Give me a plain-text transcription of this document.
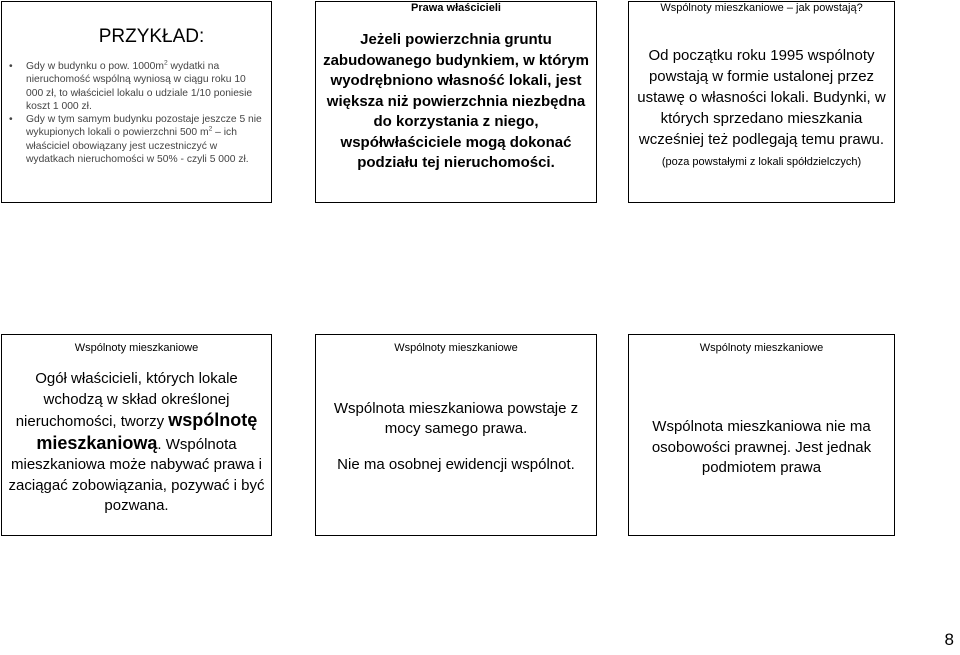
PRZYKŁAD:
• Gdy w budynku o pow. $1000m^2$ wydatki na nieruchomość wspólną wyniosą w ciągu roku 10 000 zł, to właściciel lokalu o udziale 1/10 poniesie koszt 1 000 zł.
• Gdy w tym samym budynku pozostaje jeszcze 5 nie wykupionych lokali o powierzchni 500 $m^2$ – ich właściciel obowiązany jest uczestniczyć w wydatkach nieruchomości w 50% - czyli 5 000 zł.
Prawa właścicieli
Jeżeli powierzchnia gruntu zabudowanego budynkiem, w którym wyodrębniono własność lokali, jest większa niż powierzchnia niezbędna do korzystania z niego, współwłaściciele mogą dokonać podziału tej nieruchomości.
Wspólnoty mieszkaniowe – jak powstają?
Od początku roku 1995 wspólnoty powstają w formie ustalonej przez ustawę o własności lokali. Budynki, w których sprzedano mieszkania wcześniej też podlegają temu prawu.
(poza powstałymi z lokali spółdzielczych)
Wspólnoty mieszkaniowe
Ogół właścicieli, których lokale wchodzą w skład określonej nieruchomości, tworzy wspólnotę mieszkaniową. Wspólnota mieszkaniowa może nabywać prawa i zaciągać zobowiązania, pozywać i być pozwana.
Wspólnoty mieszkaniowe
Wspólnota mieszkaniowa powstaje z mocy samego prawa.
Nie ma osobnej ewidencji wspólnot.
Wspólnoty mieszkaniowe
Wspólnota mieszkaniowa nie ma osobowości prawnej. Jest jednak podmiotem prawa
8
